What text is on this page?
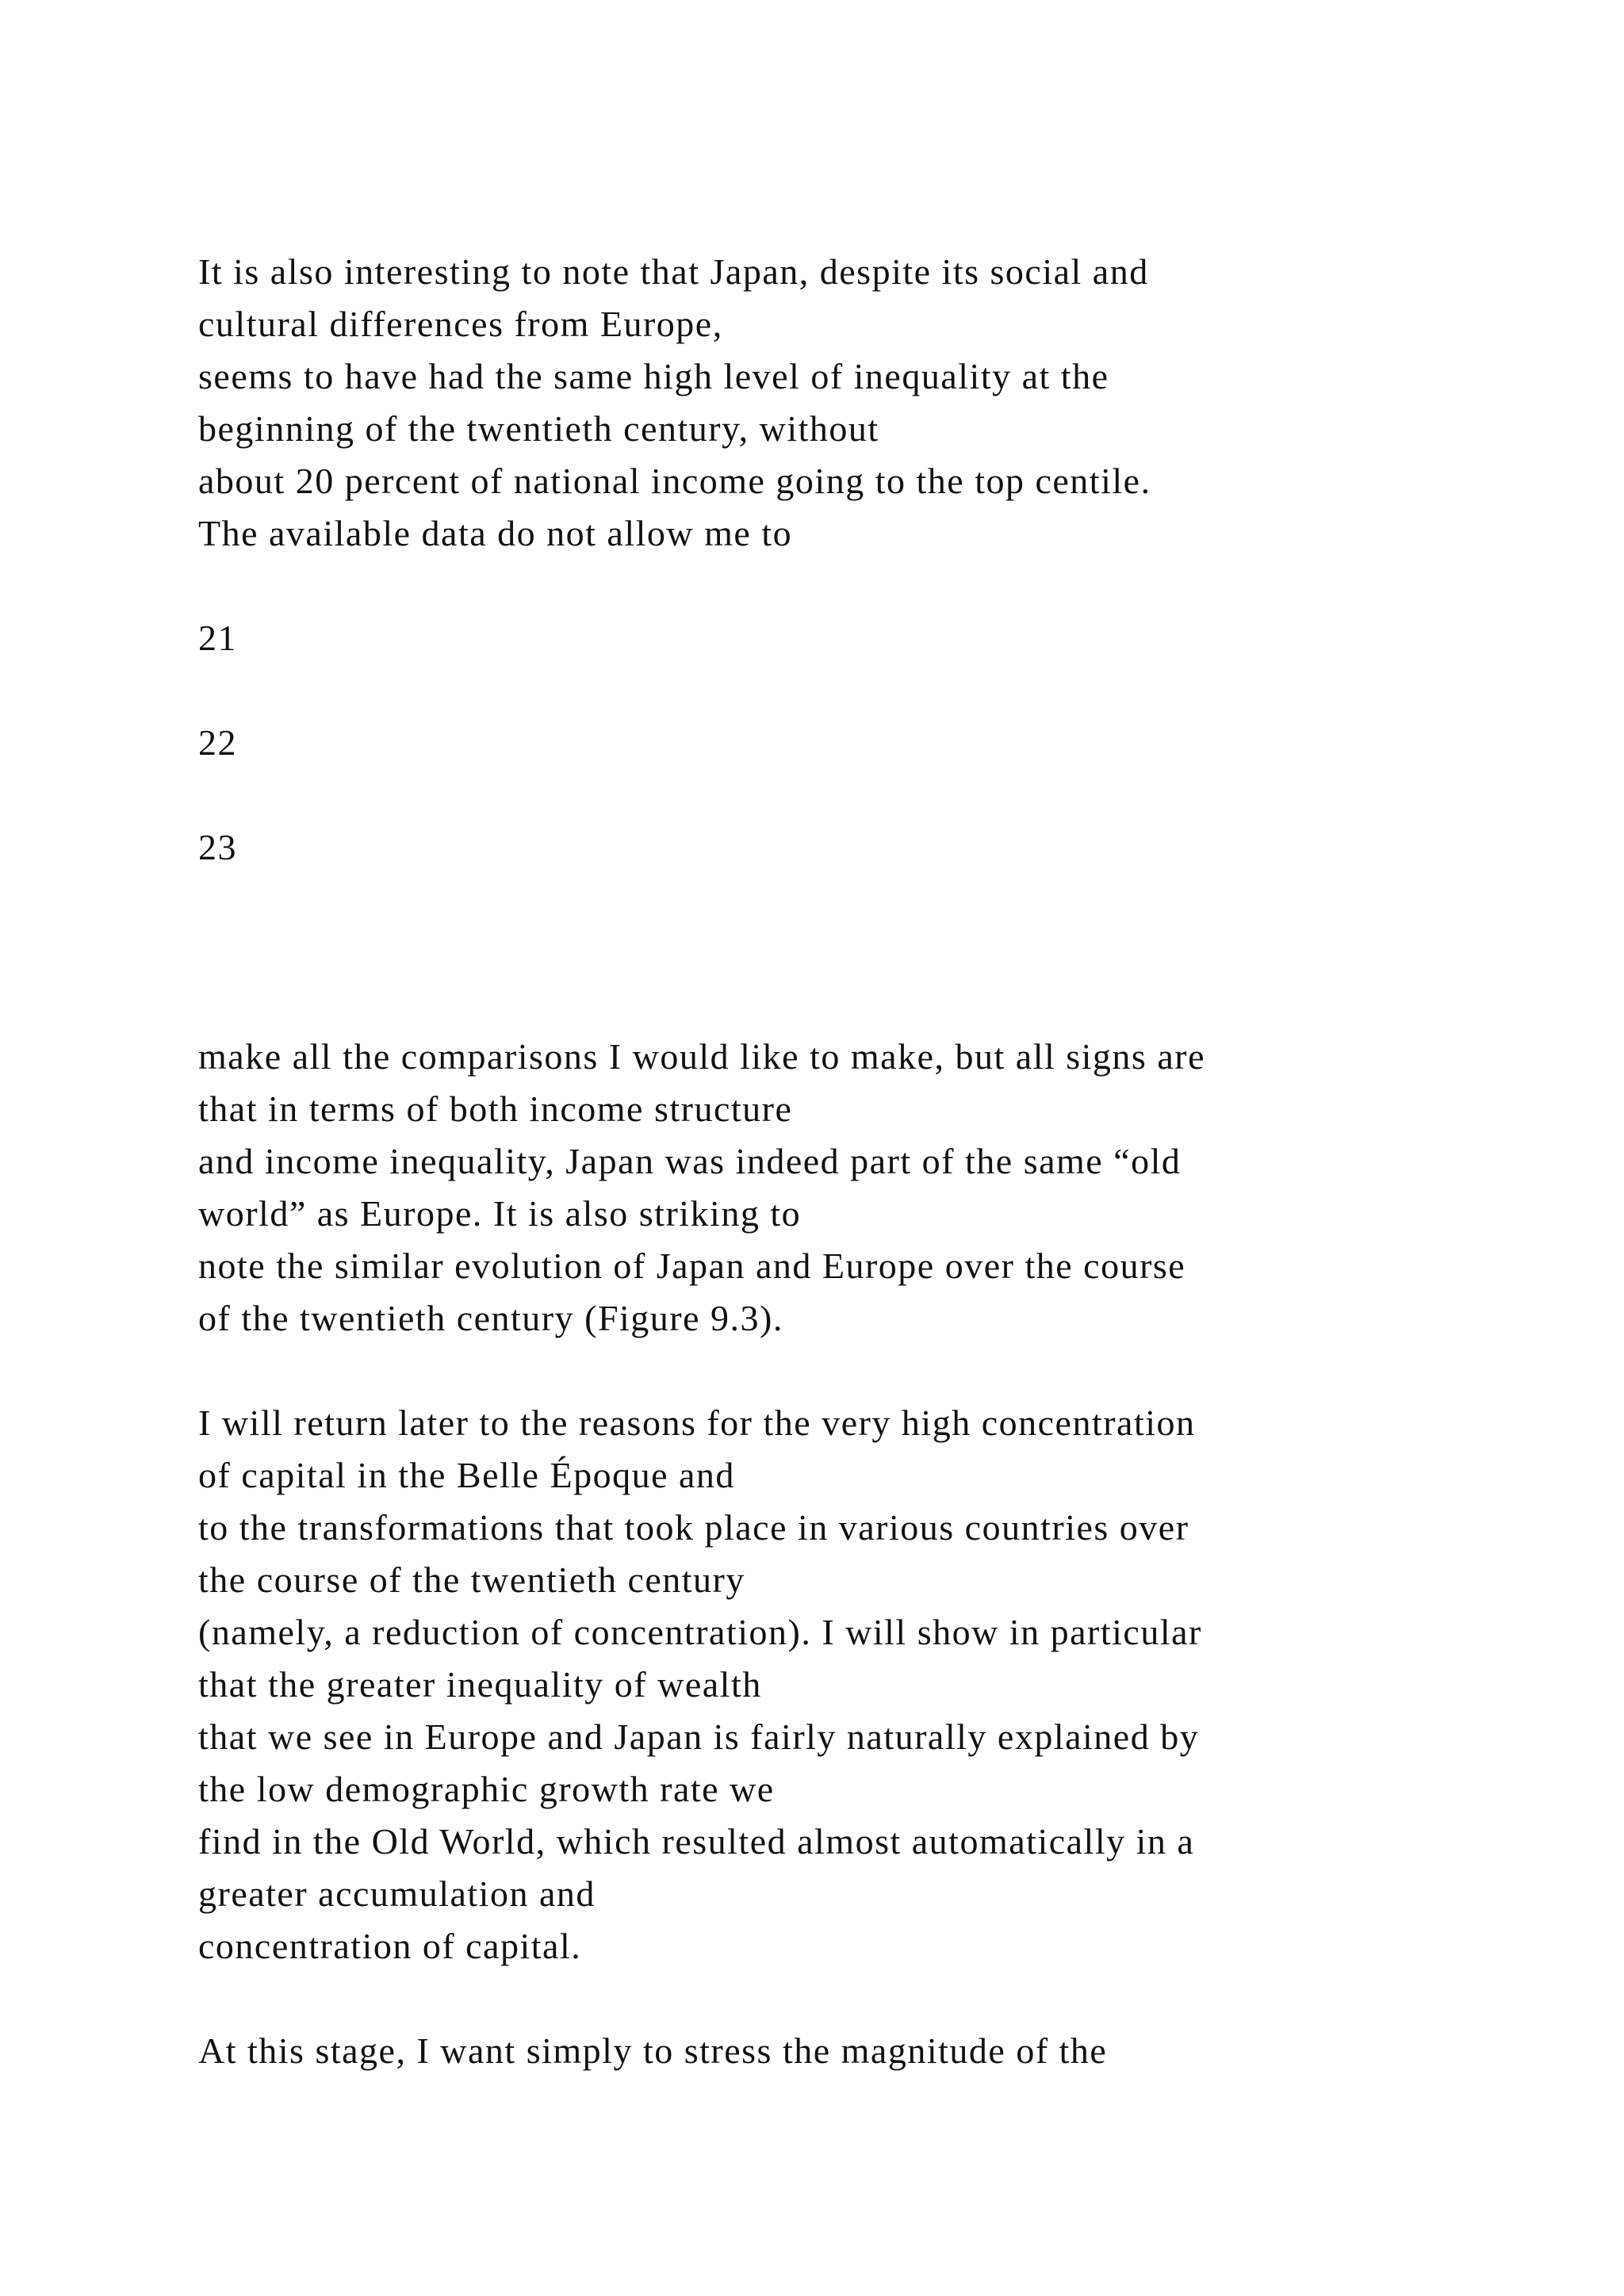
It is also interesting to note that Japan, despite its social and
cultural differences from Europe,
seems to have had the same high level of inequality at the
beginning of the twentieth century, without
about 20 percent of national income going to the top centile.
The available data do not allow me to

21

22

23

make all the comparisons I would like to make, but all signs are
that in terms of both income structure
and income inequality, Japan was indeed part of the same “old
world” as Europe. It is also striking to
note the similar evolution of Japan and Europe over the course
of the twentieth century (Figure 9.3).

I will return later to the reasons for the very high concentration
of capital in the Belle Époque and
to the transformations that took place in various countries over
the course of the twentieth century
(namely, a reduction of concentration). I will show in particular
that the greater inequality of wealth
that we see in Europe and Japan is fairly naturally explained by
the low demographic growth rate we
find in the Old World, which resulted almost automatically in a
greater accumulation and
concentration of capital.

At this stage, I want simply to stress the magnitude of the
